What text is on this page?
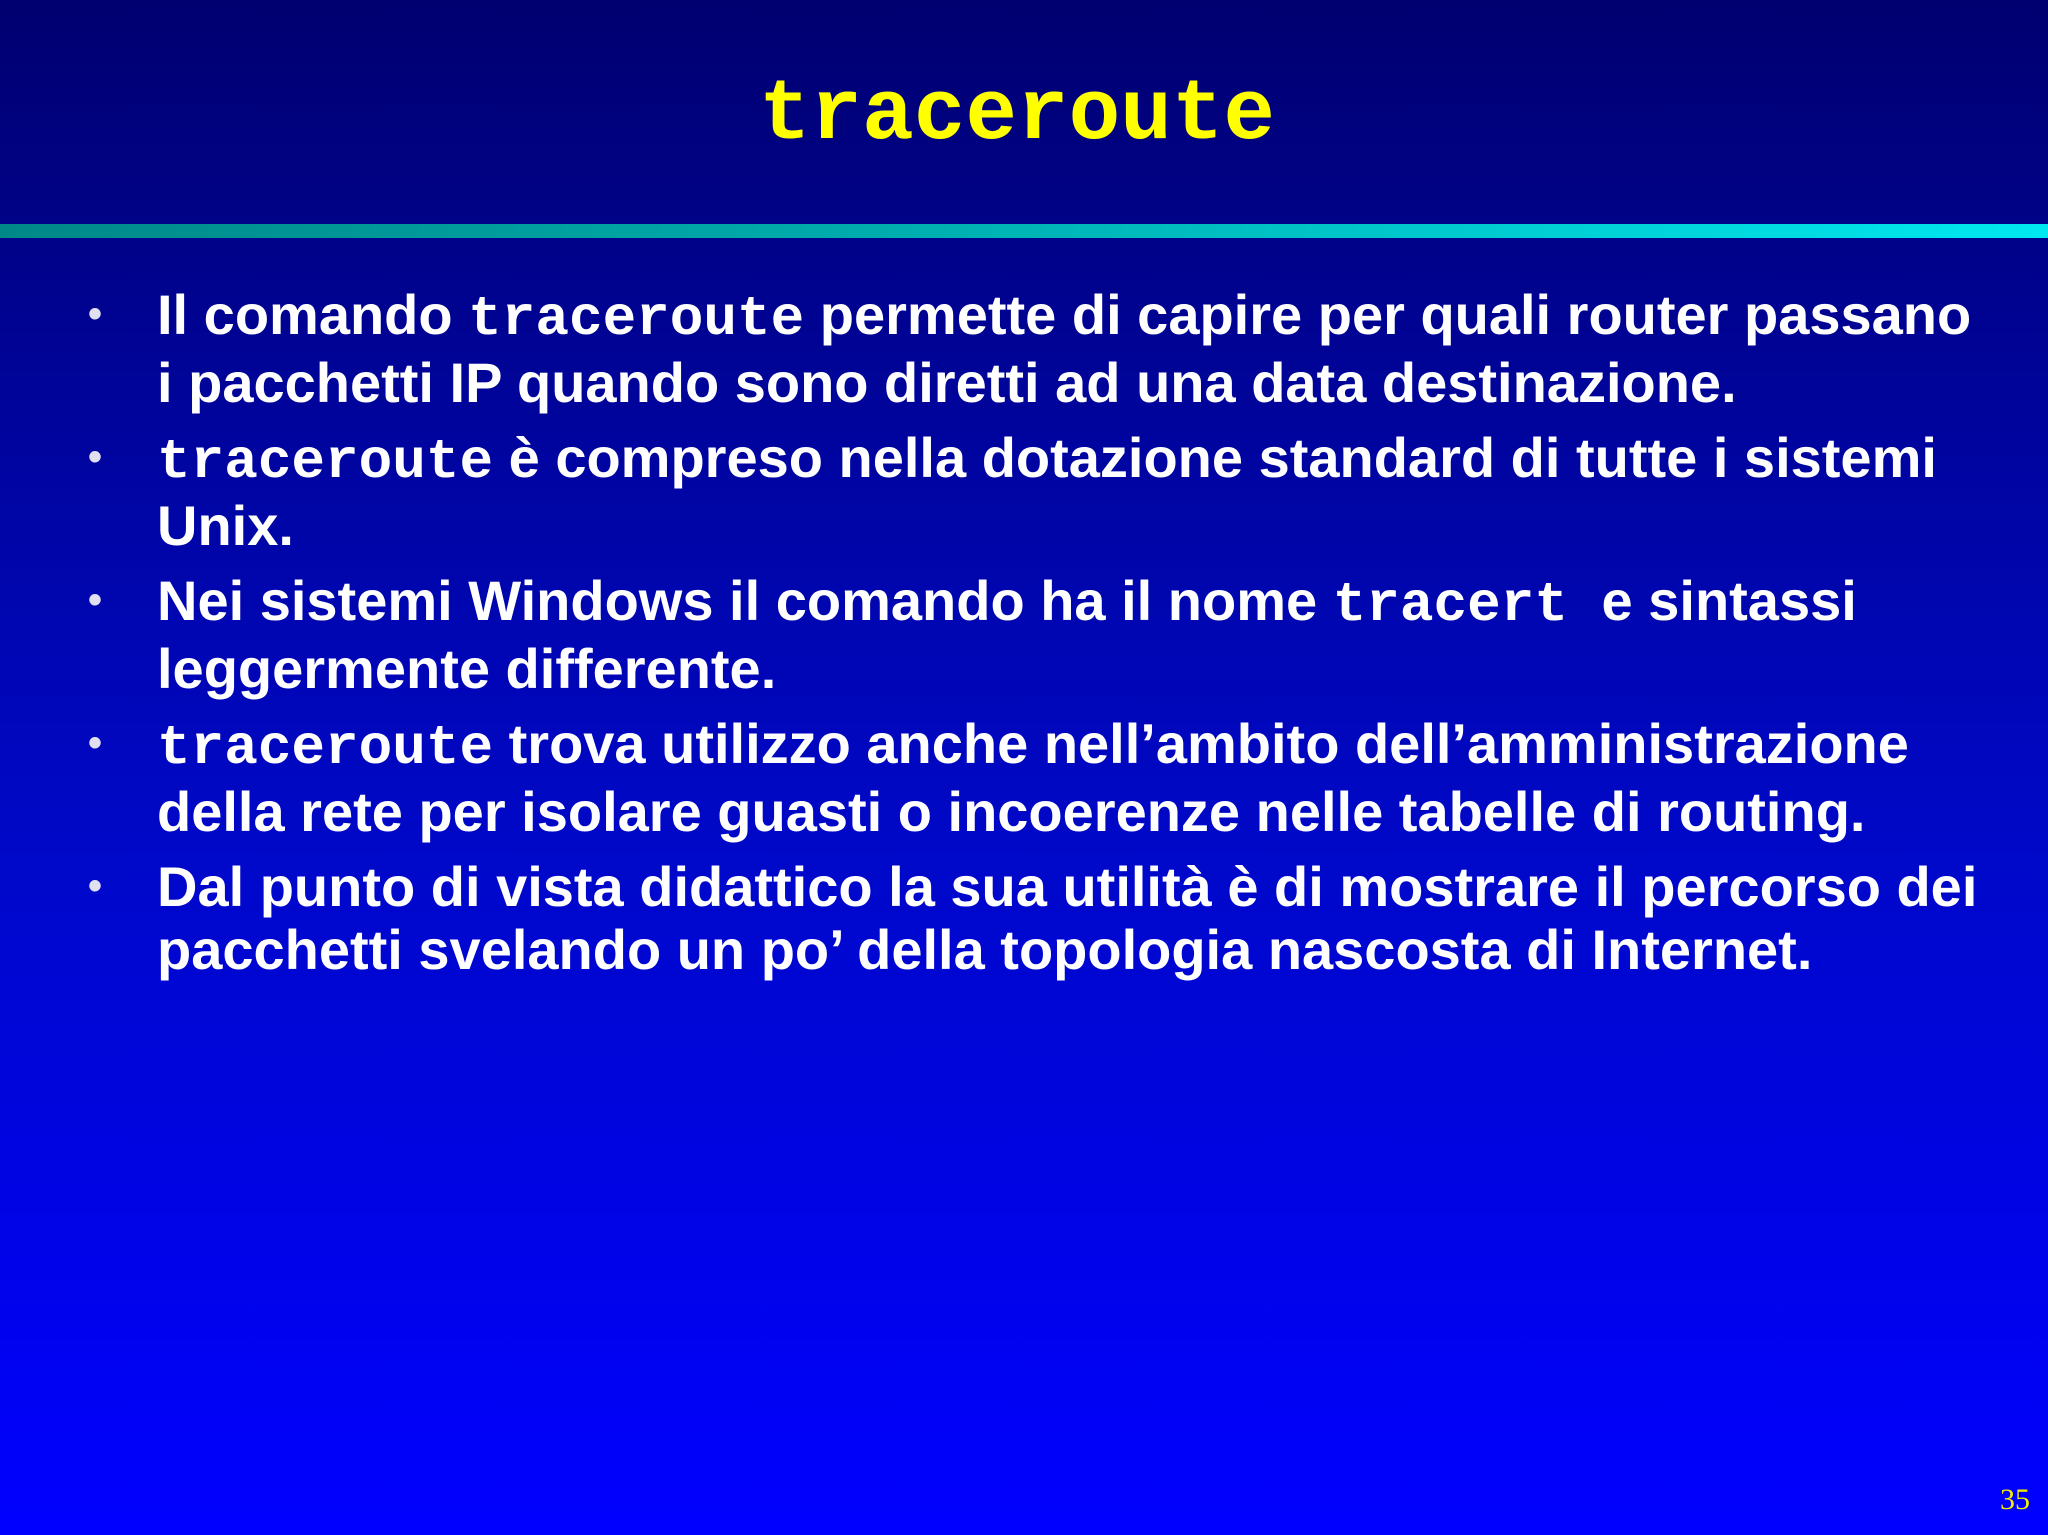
traceroute
• Il comando traceroute permette di capire per quali router passano i pacchetti IP quando sono diretti ad una data destinazione.
• traceroute è compreso nella dotazione standard di tutte i sistemi Unix.
• Nei sistemi Windows il comando ha il nome tracert e sintassi leggermente differente.
• traceroute trova utilizzo anche nell’ambito dell’amministrazione della rete per isolare guasti o incoerenze nelle tabelle di routing.
• Dal punto di vista didattico la sua utilità è di mostrare il percorso dei pacchetti svelando un po’ della topologia nascosta di Internet.
35
